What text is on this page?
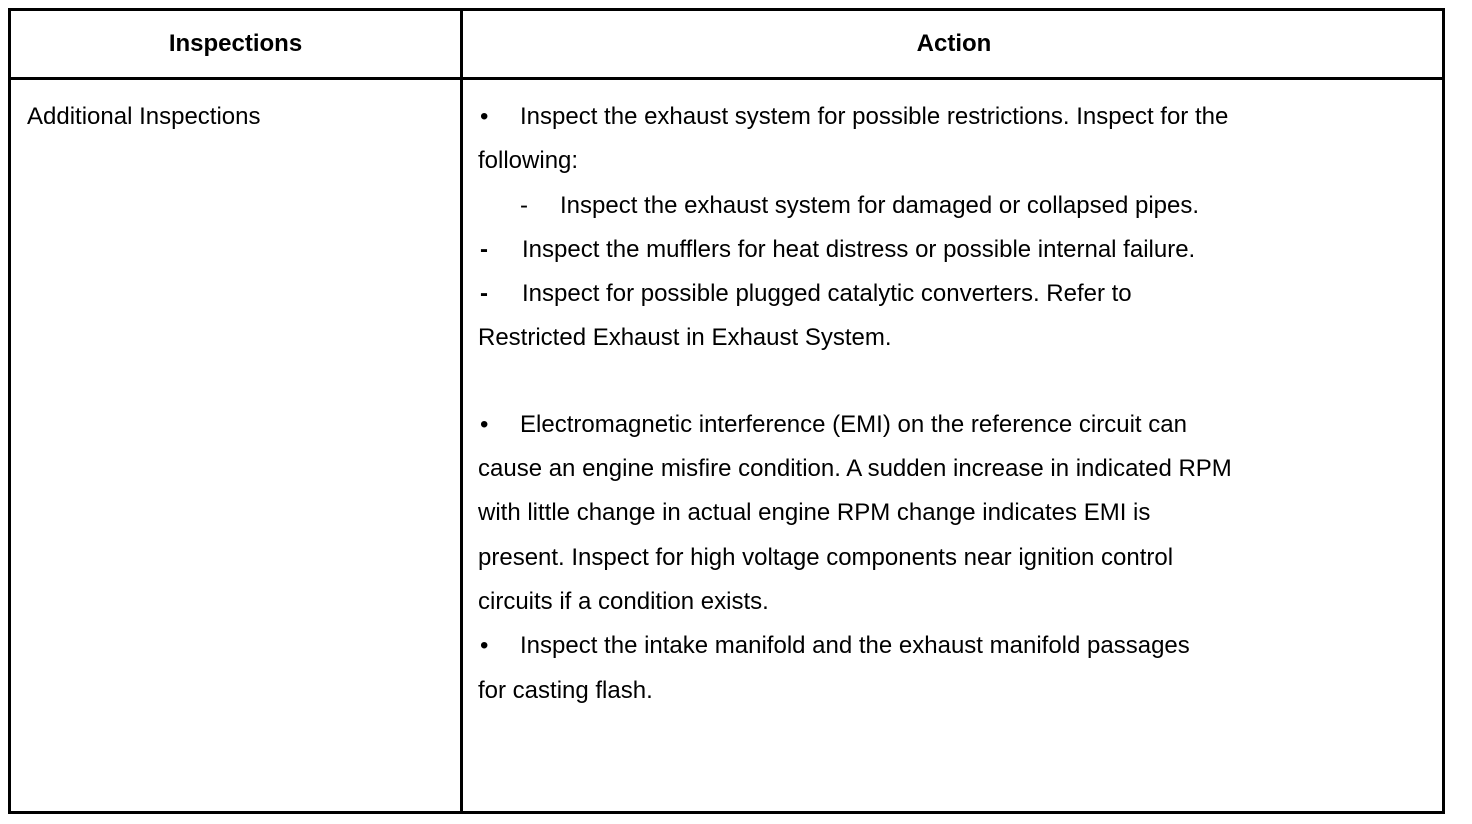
Inspections	Action
Additional Inspections	• Inspect the exhaust system for possible restrictions. Inspect for the
following:
- Inspect the exhaust system for damaged or collapsed pipes.
- Inspect the mufflers for heat distress or possible internal failure.
- Inspect for possible plugged catalytic converters. Refer to
Restricted Exhaust in Exhaust System.
• Electromagnetic interference (EMI) on the reference circuit can
cause an engine misfire condition. A sudden increase in indicated RPM
with little change in actual engine RPM change indicates EMI is
present. Inspect for high voltage components near ignition control
circuits if a condition exists.
• Inspect the intake manifold and the exhaust manifold passages
for casting flash.
